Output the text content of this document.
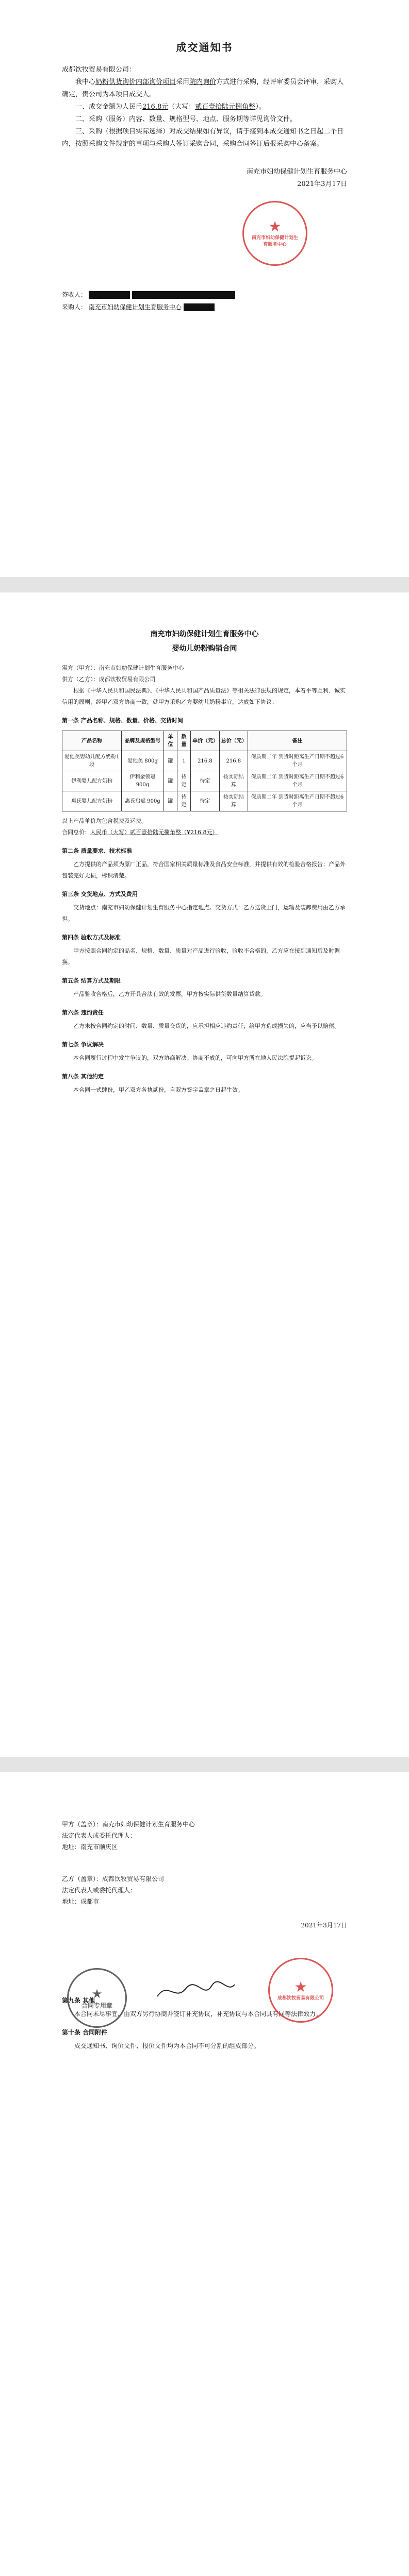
成交通知书

成都饮牧贸易有限公司：

我中心奶粉供货询价内部询价项目采用院内询价方式进行采购，经评审委员会评审，采购人确定，贵公司为本项目成交人。

一、成交金额为人民币216.8元（大写：贰百壹拾陆元捌角整）。

二、采购（服务）内容、数量、规格型号、地点、服务期等详见询价文件。

三、采购（根据项目实际选择）对成交结果如有异议，请于接到本成交通知书之日起二个日内，按照采购文件规定的事项与采购人签订采购合同，采购合同签订后报采购中心备案。

南充市妇幼保健计划生育服务中心

2021年3月17日

★
南充市妇幼保健计划生育服务中心
签收人：
采购人： 南充市妇幼保健计划生育服务中心
南充市妇幼保健计划生育服务中心
婴幼儿奶粉购销合同

需方（甲方）：南充市妇幼保健计划生育服务中心

供方（乙方）：成都饮牧贸易有限公司

根据《中华人民共和国民法典》、《中华人民共和国产品质量法》等相关法律法规的规定，本着平等互利、诚实信用的原则，经甲乙双方协商一致，就甲方采购乙方婴幼儿奶粉事宜，达成如下协议：

第一条 产品名称、规格、数量、价格、交货时间

产品名称	品牌及规格型号	单位	数量	单价（元）	总价（元）	备注
爱他美婴幼儿配方奶粉1段	爱他美 800g	罐	1	216.8	216.8	保质期二年 到货时距离生产日期不超过6个月
伊利婴儿配方奶粉	伊利金领冠 900g	罐	待定	待定	按实际结算	保质期二年 到货时距离生产日期不超过6个月
惠氏婴儿配方奶粉	惠氏启赋 900g	罐	待定	待定	按实际结算	保质期二年 到货时距离生产日期不超过6个月

以上产品单价均包含税费及运费。

合同总价：人民币（大写）贰百壹拾陆元捌角整（¥216.8元）

第二条 质量要求、技术标准

乙方提供的产品须为原厂正品，符合国家相关质量标准及食品安全标准，并提供有效的检验合格报告；产品外包装完好无损，标识清楚。

第三条 交货地点、方式及费用

交货地点：南充市妇幼保健计划生育服务中心指定地点。交货方式：乙方送货上门，运输及装卸费用由乙方承担。

第四条 验收方式及标准

甲方按照合同约定的品名、规格、数量、质量对产品进行验收，验收不合格的，乙方应在接到通知后及时调换。

第五条 结算方式及期限

产品验收合格后，乙方开具合法有效的发票，甲方按实际供货数量结算货款。

第六条 违约责任

乙方未按合同约定的时间、数量、质量交货的，应承担相应违约责任；给甲方造成损失的，应当予以赔偿。

第七条 争议解决

本合同履行过程中发生争议的，双方协商解决；协商不成的，可向甲方所在地人民法院提起诉讼。

第八条 其他约定

本合同一式肆份，甲乙双方各执贰份，自双方签字盖章之日起生效。

甲方（盖章）：南充市妇幼保健计划生育服务中心

法定代表人或委托代理人：

地址：南充市顺庆区

乙方（盖章）：成都饮牧贸易有限公司

法定代表人或委托代理人：

地址：成都市

2021年3月17日

第九条 其他

本合同未尽事宜，由双方另行协商并签订补充协议，补充协议与本合同具有同等法律效力。

第十条 合同附件

成交通知书、询价文件、报价文件均为本合同不可分割的组成部分。

★
合同专用章
★
成都饮牧贸易有限公司
